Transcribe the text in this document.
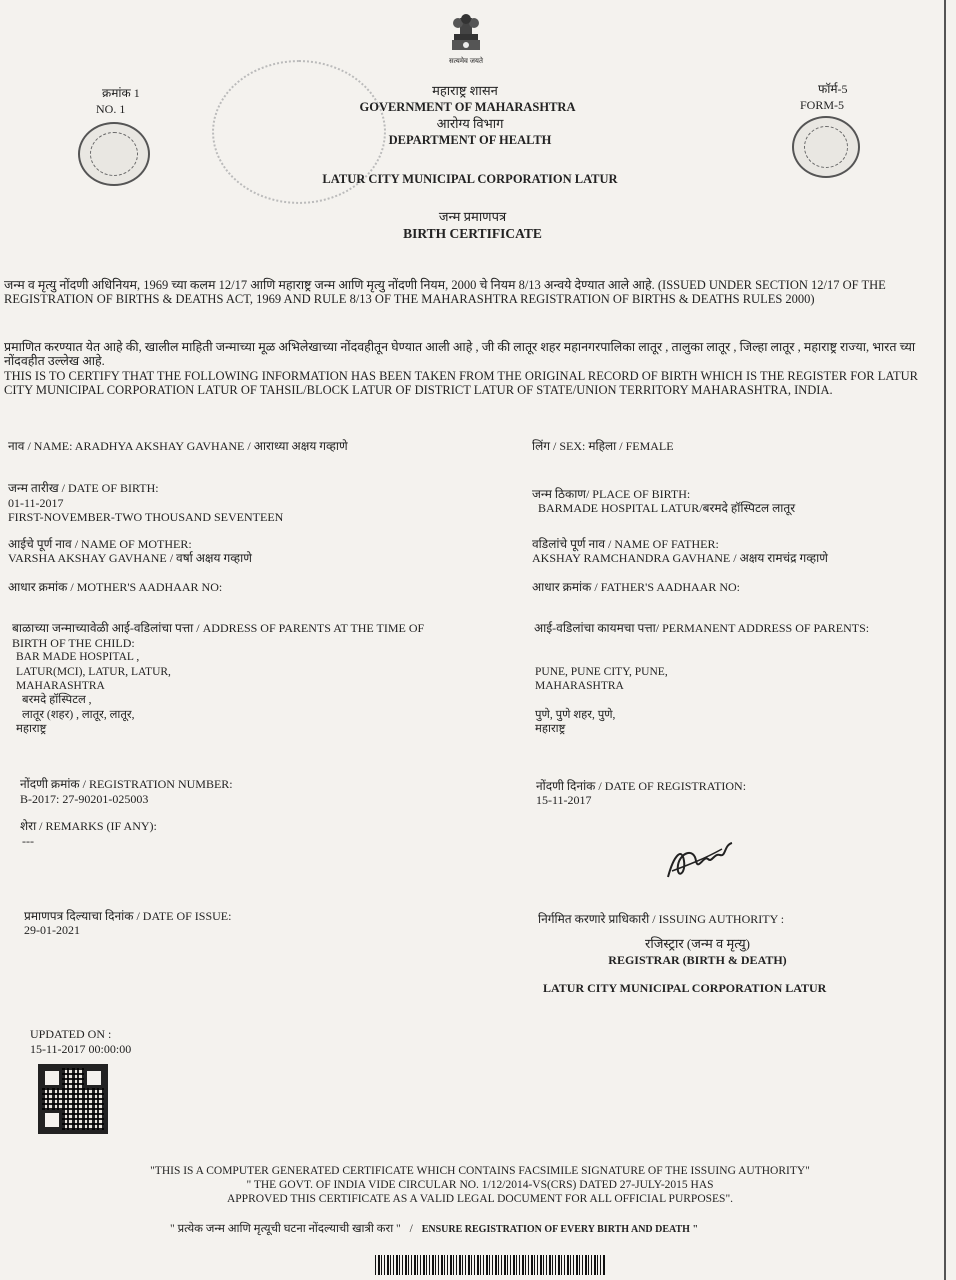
सत्यमेव जयते
क्रमांक 1
NO. 1
फॉर्म-5
FORM-5
महाराष्ट्र शासन
GOVERNMENT OF MAHARASHTRA
आरोग्य विभाग
DEPARTMENT OF HEALTH
LATUR CITY MUNICIPAL CORPORATION LATUR
जन्म प्रमाणपत्र
BIRTH CERTIFICATE
जन्म व मृत्यु नोंदणी अधिनियम, 1969 च्या कलम 12/17 आणि महाराष्ट्र जन्म आणि मृत्यु नोंदणी नियम, 2000 चे नियम 8/13 अन्वये देण्यात आले आहे. (ISSUED UNDER SECTION 12/17 OF THE REGISTRATION OF BIRTHS & DEATHS ACT, 1969 AND RULE 8/13 OF THE MAHARASHTRA REGISTRATION OF BIRTHS & DEATHS RULES 2000)
प्रमाणित करण्यात येत आहे की, खालील माहिती जन्माच्या मूळ अभिलेखाच्या नोंदवहीतून घेण्यात आली आहे , जी की लातूर शहर महानगरपालिका लातूर , तालुका लातूर , जिल्हा लातूर , महाराष्ट्र राज्या, भारत च्या नोंदवहीत उल्लेख आहे.
THIS IS TO CERTIFY THAT THE FOLLOWING INFORMATION HAS BEEN TAKEN FROM THE ORIGINAL RECORD OF BIRTH WHICH IS THE REGISTER FOR LATUR CITY MUNICIPAL CORPORATION LATUR OF TAHSIL/BLOCK LATUR OF DISTRICT LATUR OF STATE/UNION TERRITORY MAHARASHTRA, INDIA.
नाव / NAME: ARADHYA AKSHAY GAVHANE / आराध्या अक्षय गव्हाणे	लिंग / SEX: महिला / FEMALE
जन्म तारीख / DATE OF BIRTH:
01-11-2017
FIRST-NOVEMBER-TWO THOUSAND SEVENTEEN
जन्म ठिकाण/ PLACE OF BIRTH:
BARMADE HOSPITAL LATUR/बरमदे हॉस्पिटल लातूर
आईचे पूर्ण नाव / NAME OF MOTHER:
VARSHA AKSHAY GAVHANE / वर्षा अक्षय गव्हाणे
वडिलांचे पूर्ण नाव / NAME OF FATHER:
AKSHAY RAMCHANDRA GAVHANE / अक्षय रामचंद्र गव्हाणे
आधार क्रमांक / MOTHER'S AADHAAR NO:	आधार क्रमांक / FATHER'S AADHAAR NO:
बाळाच्या जन्माच्यावेळी आई-वडिलांचा पत्ता / ADDRESS OF PARENTS AT THE TIME OF
BIRTH OF THE CHILD:
BAR MADE HOSPITAL ,
LATUR(MCI), LATUR, LATUR,
MAHARASHTRA
बरमदे हॉस्पिटल ,
लातूर (शहर) , लातूर, लातूर,
महाराष्ट्र
आई-वडिलांचा कायमचा पत्ता/ PERMANENT ADDRESS OF PARENTS:
PUNE, PUNE CITY, PUNE,
MAHARASHTRA
पुणे, पुणे शहर, पुणे,
महाराष्ट्र
नोंदणी क्रमांक / REGISTRATION NUMBER:
B-2017: 27-90201-025003
नोंदणी दिनांक / DATE OF REGISTRATION:
15-11-2017
शेरा / REMARKS (IF ANY):
---
प्रमाणपत्र दिल्याचा दिनांक / DATE OF ISSUE:
29-01-2021
निर्गमित करणारे प्राधिकारी / ISSUING AUTHORITY :
रजिस्ट्रार (जन्म व मृत्यु)
REGISTRAR (BIRTH & DEATH)
LATUR CITY MUNICIPAL CORPORATION LATUR
UPDATED ON :
15-11-2017 00:00:00
"THIS IS A COMPUTER GENERATED CERTIFICATE WHICH CONTAINS FACSIMILE SIGNATURE OF THE ISSUING AUTHORITY"
" THE GOVT. OF INDIA VIDE CIRCULAR NO. 1/12/2014-VS(CRS) DATED 27-JULY-2015 HAS
APPROVED THIS CERTIFICATE AS A VALID LEGAL DOCUMENT FOR ALL OFFICIAL PURPOSES".
" प्रत्येक जन्म आणि मृत्यूची घटना नोंदल्याची खात्री करा " / ENSURE REGISTRATION OF EVERY BIRTH AND DEATH "
